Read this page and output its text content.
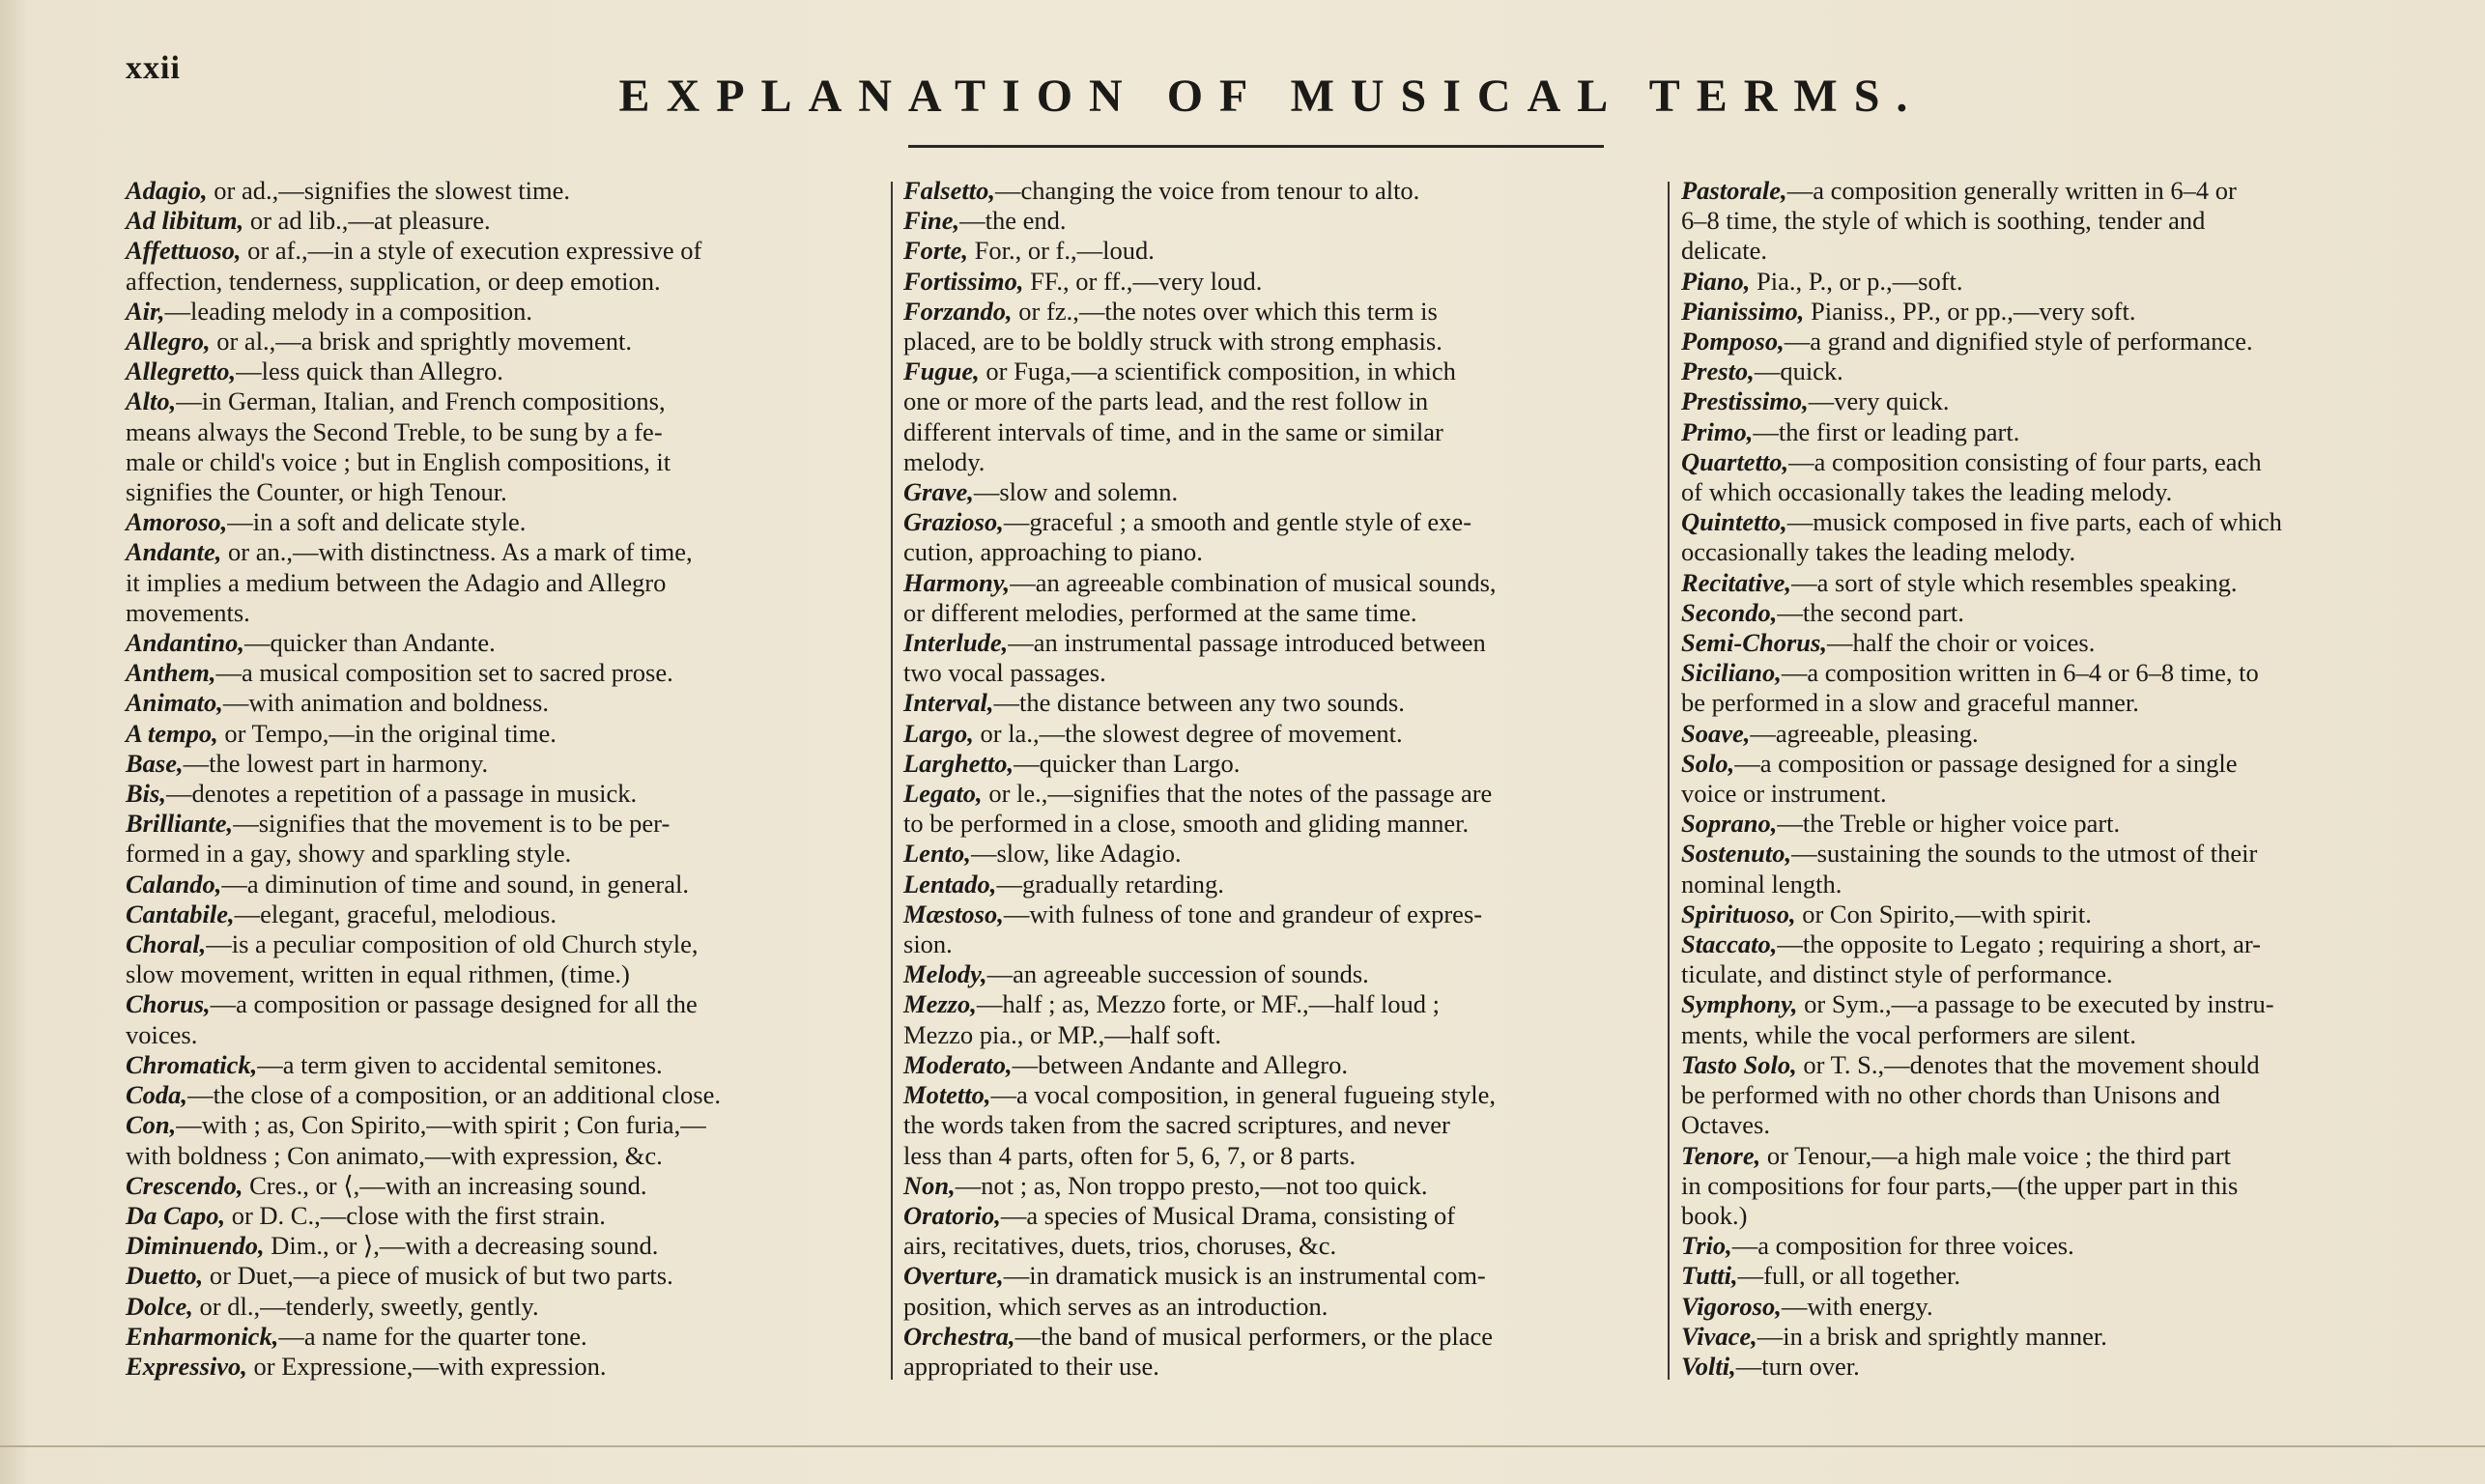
xxii
EXPLANATION OF MUSICAL TERMS.
Adagio, or ad.,—signifies the slowest time.
Ad libitum, or ad lib.,—at pleasure.
Affettuoso, or af.,—in a style of execution expressive of
affection, tenderness, supplication, or deep emotion.
Air,—leading melody in a composition.
Allegro, or al.,—a brisk and sprightly movement.
Allegretto,—less quick than Allegro.
Alto,—in German, Italian, and French compositions,
means always the Second Treble, to be sung by a fe-
male or child's voice ; but in English compositions, it
signifies the Counter, or high Tenour.
Amoroso,—in a soft and delicate style.
Andante, or an.,—with distinctness. As a mark of time,
it implies a medium between the Adagio and Allegro
movements.
Andantino,—quicker than Andante.
Anthem,—a musical composition set to sacred prose.
Animato,—with animation and boldness.
A tempo, or Tempo,—in the original time.
Base,—the lowest part in harmony.
Bis,—denotes a repetition of a passage in musick.
Brilliante,—signifies that the movement is to be per-
formed in a gay, showy and sparkling style.
Calando,—a diminution of time and sound, in general.
Cantabile,—elegant, graceful, melodious.
Choral,—is a peculiar composition of old Church style,
slow movement, written in equal rithmen, (time.)
Chorus,—a composition or passage designed for all the
voices.
Chromatick,—a term given to accidental semitones.
Coda,—the close of a composition, or an additional close.
Con,—with ; as, Con Spirito,—with spirit ; Con furia,—
with boldness ; Con animato,—with expression, &c.
Crescendo, Cres., or ⟨,—with an increasing sound.
Da Capo, or D. C.,—close with the first strain.
Diminuendo, Dim., or ⟩,—with a decreasing sound.
Duetto, or Duet,—a piece of musick of but two parts.
Dolce, or dl.,—tenderly, sweetly, gently.
Enharmonick,—a name for the quarter tone.
Expressivo, or Expressione,—with expression.
Falsetto,—changing the voice from tenour to alto.
Fine,—the end.
Forte, For., or f.,—loud.
Fortissimo, FF., or ff.,—very loud.
Forzando, or fz.,—the notes over which this term is
placed, are to be boldly struck with strong emphasis.
Fugue, or Fuga,—a scientifick composition, in which
one or more of the parts lead, and the rest follow in
different intervals of time, and in the same or similar
melody.
Grave,—slow and solemn.
Grazioso,—graceful ; a smooth and gentle style of exe-
cution, approaching to piano.
Harmony,—an agreeable combination of musical sounds,
or different melodies, performed at the same time.
Interlude,—an instrumental passage introduced between
two vocal passages.
Interval,—the distance between any two sounds.
Largo, or la.,—the slowest degree of movement.
Larghetto,—quicker than Largo.
Legato, or le.,—signifies that the notes of the passage are
to be performed in a close, smooth and gliding manner.
Lento,—slow, like Adagio.
Lentado,—gradually retarding.
Mæstoso,—with fulness of tone and grandeur of expres-
sion.
Melody,—an agreeable succession of sounds.
Mezzo,—half ; as, Mezzo forte, or MF.,—half loud ;
Mezzo pia., or MP.,—half soft.
Moderato,—between Andante and Allegro.
Motetto,—a vocal composition, in general fugueing style,
the words taken from the sacred scriptures, and never
less than 4 parts, often for 5, 6, 7, or 8 parts.
Non,—not ; as, Non troppo presto,—not too quick.
Oratorio,—a species of Musical Drama, consisting of
airs, recitatives, duets, trios, choruses, &c.
Overture,—in dramatick musick is an instrumental com-
position, which serves as an introduction.
Orchestra,—the band of musical performers, or the place
appropriated to their use.
Pastorale,—a composition generally written in 6–4 or
6–8 time, the style of which is soothing, tender and
delicate.
Piano, Pia., P., or p.,—soft.
Pianissimo, Pianiss., PP., or pp.,—very soft.
Pomposo,—a grand and dignified style of performance.
Presto,—quick.
Prestissimo,—very quick.
Primo,—the first or leading part.
Quartetto,—a composition consisting of four parts, each
of which occasionally takes the leading melody.
Quintetto,—musick composed in five parts, each of which
occasionally takes the leading melody.
Recitative,—a sort of style which resembles speaking.
Secondo,—the second part.
Semi-Chorus,—half the choir or voices.
Siciliano,—a composition written in 6–4 or 6–8 time, to
be performed in a slow and graceful manner.
Soave,—agreeable, pleasing.
Solo,—a composition or passage designed for a single
voice or instrument.
Soprano,—the Treble or higher voice part.
Sostenuto,—sustaining the sounds to the utmost of their
nominal length.
Spirituoso, or Con Spirito,—with spirit.
Staccato,—the opposite to Legato ; requiring a short, ar-
ticulate, and distinct style of performance.
Symphony, or Sym.,—a passage to be executed by instru-
ments, while the vocal performers are silent.
Tasto Solo, or T. S.,—denotes that the movement should
be performed with no other chords than Unisons and
Octaves.
Tenore, or Tenour,—a high male voice ; the third part
in compositions for four parts,—(the upper part in this
book.)
Trio,—a composition for three voices.
Tutti,—full, or all together.
Vigoroso,—with energy.
Vivace,—in a brisk and sprightly manner.
Volti,—turn over.
